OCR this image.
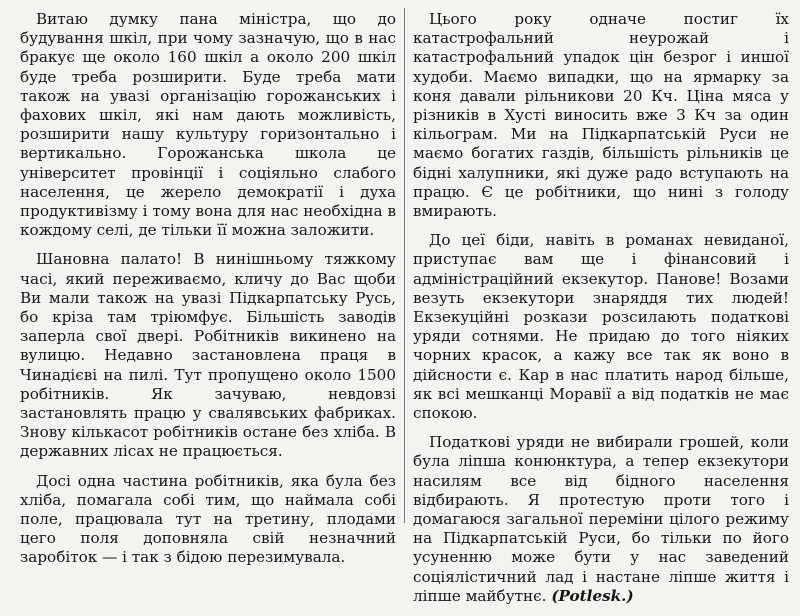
Витаю думку пана міністра, що до будування шкіл, при чому зазначую, що в нас бракує ще около 160 шкіл а около 200 шкіл буде треба розширити. Буде треба мати також на увазі організацію горожанських і фахових шкіл, які нам дають можливість, розширити нашу культуру горизонтально і вертикально. Горожанська школа це університет провінції і соціяльно слабого населення, це жерело демократії і духа продуктивізму і тому вона для нас необхідна в кождому селі, де тільки її можна заложити.

Шановна палато! В нинішньому тяжкому часі, який переживаємо, кличу до Вас щоби Ви мали також на увазі Підкарпатську Русь, бо кріза там тріюмфує. Більшість заводів заперла свої двері. Робітників викинено на вулицю. Недавно застановлена праця в Чинадієві на пилі. Тут пропущено около 1500 робітників. Як зачуваю, невдовзі застановлять працю у свалявських фабриках. Знову кількасот робітників остане без хліба. В державних лісах не працюється.

Досі одна частина робітників, яка була без хліба, помагала собі тим, що наймала собі поле, працювала тут на третину, плодами цего поля доповняла свій незначний заробіток — і так з бідою перезимувала.

Цього року одначе постиг їх катастрофальний неурожай і катастрофальний упадок цін безрог і иншої худоби. Маємо випадки, що на ярмарку за коня давали рільникови 20 Кч. Ціна мяса у різників в Хусті виносить вже 3 Кч за один кільограм. Ми на Підкарпатській Руси не маємо богатих газдів, більшість рільників це бідні халупники, які дуже радо вступають на працю. Є це робітники, що нині з голоду вмирають.

До цеї біди, навіть в романах невиданої, приступає вам ще і фінансовий і адміністраційний екзекутор. Панове! Возами везуть екзекутори знаряддя тих людей! Екзекуційні розкази розсилають податкові уряди сотнями. Не придаю до того ніяких чорних красок, а кажу все так як воно в дійсности є. Кар в нас платить народ більше, як всі мешканці Моравії а від податків не має спокою.

Податкові уряди не вибирали грошей, коли була ліпша конюнктура, а тепер екзекутори насилям все від бідного населення відбирають. Я протестую проти того і домагаюся загальної переміни цілого режиму на Підкарпатській Руси, бо тільки по його усуненню може бути у нас заведений соціялістичний лад і настане ліпше життя і ліпше майбутнє. (Potlesk.)
